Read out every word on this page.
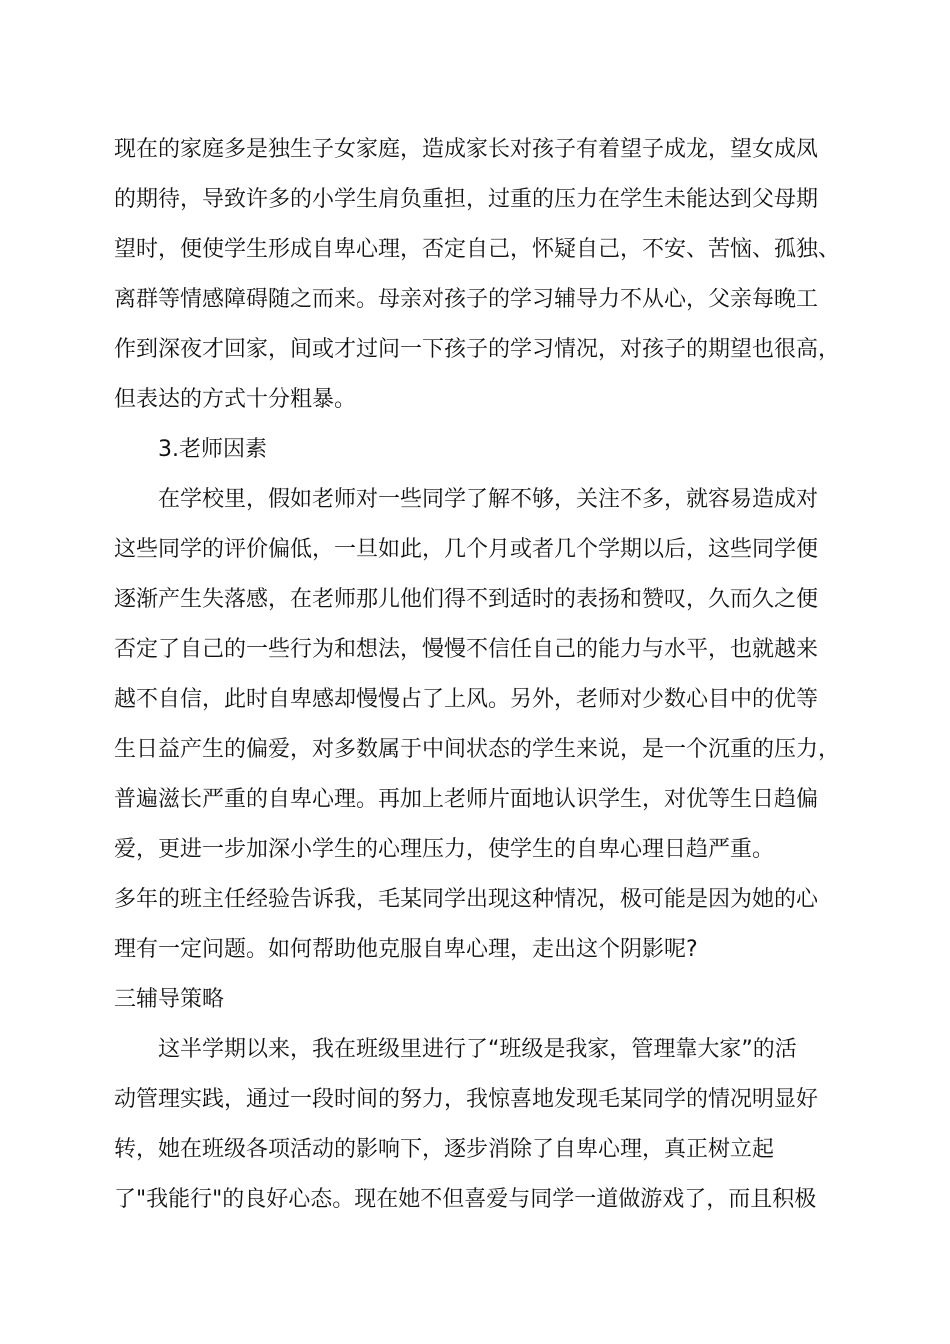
现在的家庭多是独生子女家庭，造成家长对孩子有着望子成龙，望女成凤
的期待，导致许多的小学生肩负重担，过重的压力在学生未能达到父母期
望时，便使学生形成自卑心理，否定自己，怀疑自己，不安、苦恼、孤独、
离群等情感障碍随之而来。母亲对孩子的学习辅导力不从心，父亲每晚工
作到深夜才回家，间或才过问一下孩子的学习情况，对孩子的期望也很高，
但表达的方式十分粗暴。
3.老师因素
在学校里，假如老师对一些同学了解不够，关注不多，就容易造成对
这些同学的评价偏低，一旦如此，几个月或者几个学期以后，这些同学便
逐渐产生失落感，在老师那儿他们得不到适时的表扬和赞叹，久而久之便
否定了自己的一些行为和想法，慢慢不信任自己的能力与水平，也就越来
越不自信，此时自卑感却慢慢占了上风。另外，老师对少数心目中的优等
生日益产生的偏爱，对多数属于中间状态的学生来说，是一个沉重的压力，
普遍滋长严重的自卑心理。再加上老师片面地认识学生，对优等生日趋偏
爱，更进一步加深小学生的心理压力，使学生的自卑心理日趋严重。
多年的班主任经验告诉我，毛某同学出现这种情况，极可能是因为她的心
理有一定问题。如何帮助他克服自卑心理，走出这个阴影呢?
三辅导策略
这半学期以来，我在班级里进行了“班级是我家，管理靠大家”的活
动管理实践，通过一段时间的努力，我惊喜地发现毛某同学的情况明显好
转，她在班级各项活动的影响下，逐步消除了自卑心理，真正树立起
了"我能行"的良好心态。现在她不但喜爱与同学一道做游戏了，而且积极
